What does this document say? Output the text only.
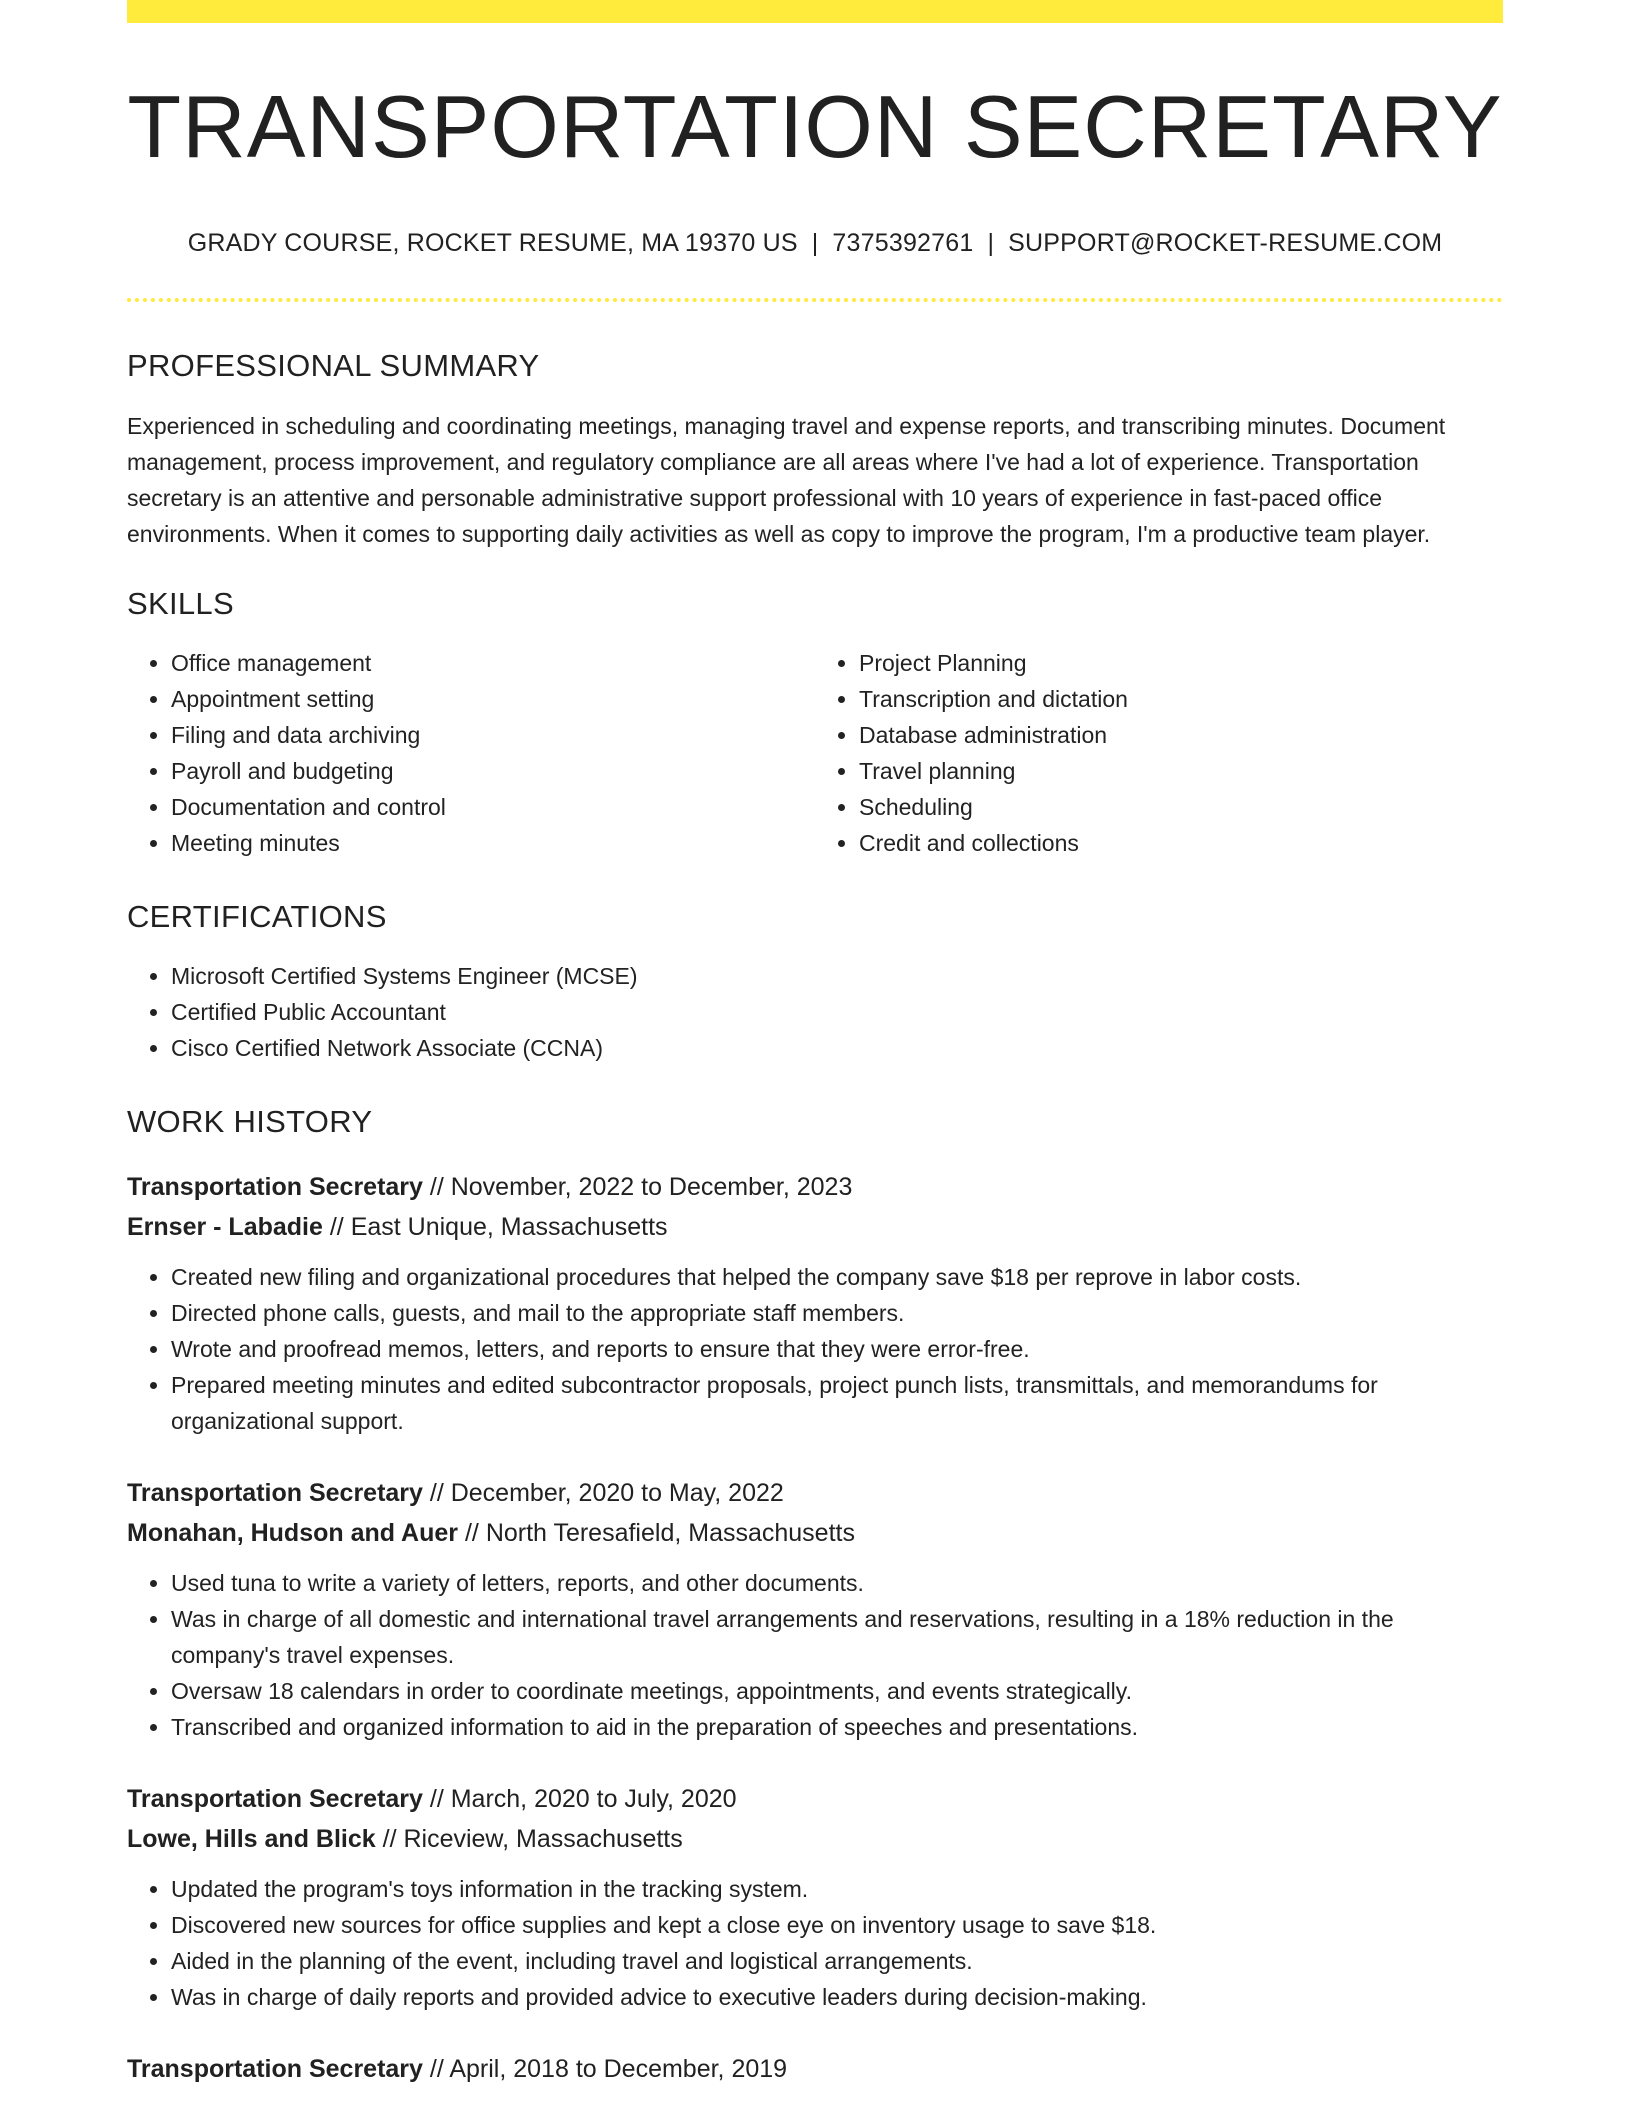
TRANSPORTATION SECRETARY
GRADY COURSE, ROCKET RESUME, MA 19370 US | 7375392761 | SUPPORT@ROCKET-RESUME.COM
PROFESSIONAL SUMMARY
Experienced in scheduling and coordinating meetings, managing travel and expense reports, and transcribing minutes. Document management, process improvement, and regulatory compliance are all areas where I've had a lot of experience. Transportation secretary is an attentive and personable administrative support professional with 10 years of experience in fast-paced office environments. When it comes to supporting daily activities as well as copy to improve the program, I'm a productive team player.
SKILLS
• Office management
• Appointment setting
• Filing and data archiving
• Payroll and budgeting
• Documentation and control
• Meeting minutes
• Project Planning
• Transcription and dictation
• Database administration
• Travel planning
• Scheduling
• Credit and collections
CERTIFICATIONS
• Microsoft Certified Systems Engineer (MCSE)
• Certified Public Accountant
• Cisco Certified Network Associate (CCNA)
WORK HISTORY
Transportation Secretary // November, 2022 to December, 2023
Ernser - Labadie // East Unique, Massachusetts
• Created new filing and organizational procedures that helped the company save $18 per reprove in labor costs.
• Directed phone calls, guests, and mail to the appropriate staff members.
• Wrote and proofread memos, letters, and reports to ensure that they were error-free.
• Prepared meeting minutes and edited subcontractor proposals, project punch lists, transmittals, and memorandums for organizational support.
Transportation Secretary // December, 2020 to May, 2022
Monahan, Hudson and Auer // North Teresafield, Massachusetts
• Used tuna to write a variety of letters, reports, and other documents.
• Was in charge of all domestic and international travel arrangements and reservations, resulting in a 18% reduction in the company's travel expenses.
• Oversaw 18 calendars in order to coordinate meetings, appointments, and events strategically.
• Transcribed and organized information to aid in the preparation of speeches and presentations.
Transportation Secretary // March, 2020 to July, 2020
Lowe, Hills and Blick // Riceview, Massachusetts
• Updated the program's toys information in the tracking system.
• Discovered new sources for office supplies and kept a close eye on inventory usage to save $18.
• Aided in the planning of the event, including travel and logistical arrangements.
• Was in charge of daily reports and provided advice to executive leaders during decision-making.
Transportation Secretary // April, 2018 to December, 2019
